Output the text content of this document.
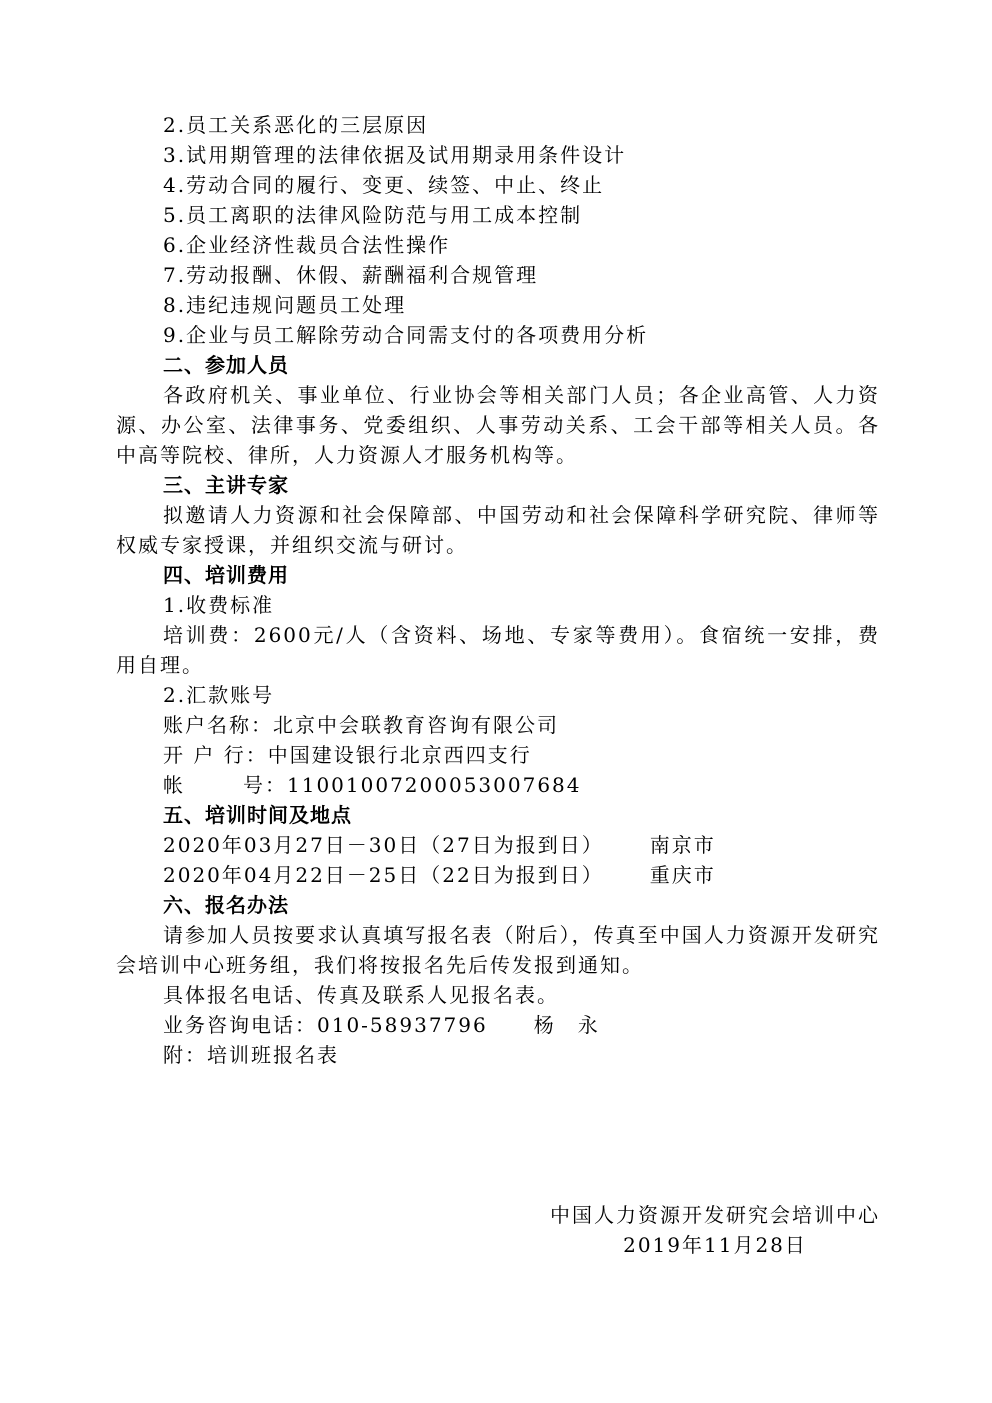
2.员工关系恶化的三层原因
3.试用期管理的法律依据及试用期录用条件设计
4.劳动合同的履行、变更、续签、中止、终止
5.员工离职的法律风险防范与用工成本控制
6.企业经济性裁员合法性操作
7.劳动报酬、休假、薪酬福利合规管理
8.违纪违规问题员工处理
9.企业与员工解除劳动合同需支付的各项费用分析
二、参加人员
各政府机关、事业单位、行业协会等相关部门人员；各企业高管、人力资源、办公室、法律事务、党委组织、人事劳动关系、工会干部等相关人员。各中高等院校、律所，人力资源人才服务机构等。
三、主讲专家
拟邀请人力资源和社会保障部、中国劳动和社会保障科学研究院、律师等权威专家授课，并组织交流与研讨。
四、培训费用
1.收费标准
培训费：2600元/人（含资料、场地、专家等费用）。食宿统一安排，费用自理。
2.汇款账号
账户名称：北京中会联教育咨询有限公司
开 户 行：中国建设银行北京西四支行
帐	号：11001007200053007684
五、培训时间及地点
2020年03月27日－30日（27日为报到日） 南京市
2020年04月22日－25日（22日为报到日） 重庆市
六、报名办法
请参加人员按要求认真填写报名表（附后），传真至中国人力资源开发研究会培训中心班务组，我们将按报名先后传发报到通知。
具体报名电话、传真及联系人见报名表。
业务咨询电话：010-58937796 杨　永
附：培训班报名表
中国人力资源开发研究会培训中心
2019年11月28日
